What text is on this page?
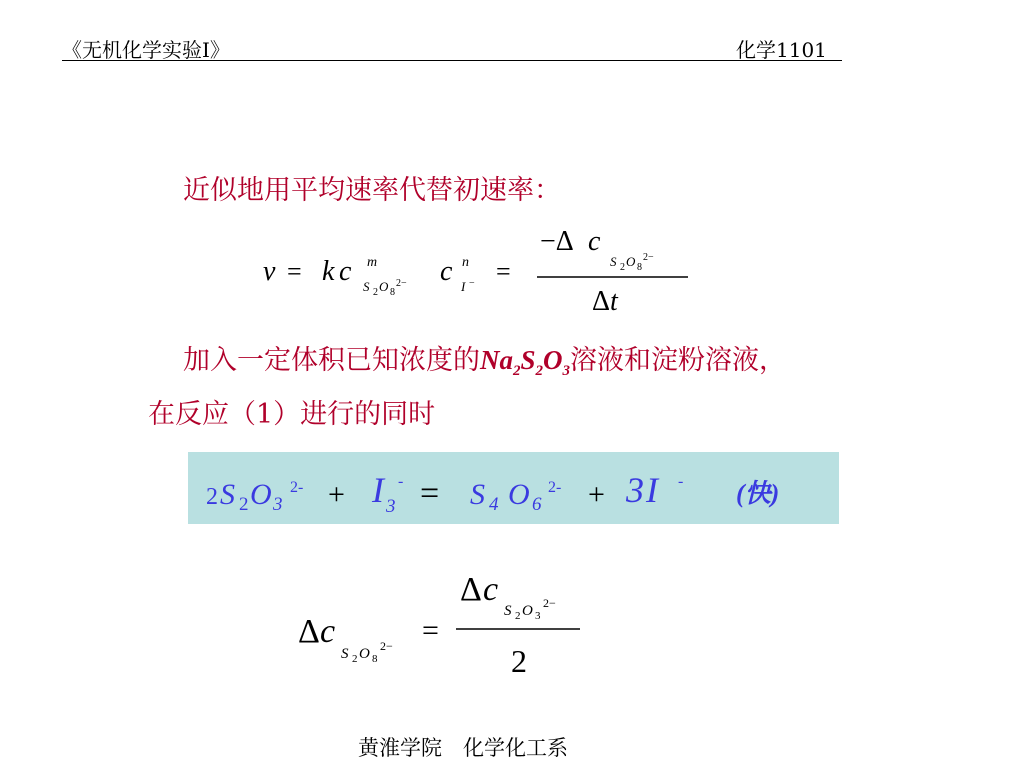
《无机化学实验Ⅰ》	化学1101
近似地用平均速率代替初速率：
v = k c m
S 2 O 8
2− c n
I − =
−Δ c
S 2 O 8
2−
Δ t
加入一定体积已知浓度的$Na_2S_2O_3$溶液和淀粉溶液，
在反应（1）进行的同时
2 S 2 O 3
2- + I 3
- = S 4 O 6
2- + 3 I - (快)
Δ c
S 2 O 8
2− =
Δ c
S 2 O 3
2−
2
黄淮学院　化学化工系
